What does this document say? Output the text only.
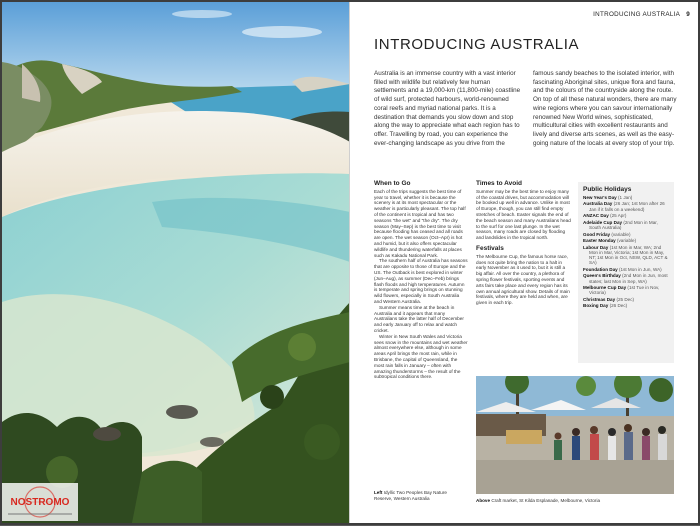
INTRODUCING AUSTRALIA 9
INTRODUCING AUSTRALIA

Australia is an immense country with a vast interior filled with wildlife but relatively few human settlements and a 19,000-km (11,800-mile) coastline of wild surf, protected harbours, world-renowned coral reefs and myriad national parks. It is a destination that demands you slow down and stop along the way to appreciate what each region has to offer. Travelling by road, you can experience the ever-changing landscape as you drive from the famous sandy beaches to the isolated interior, with fascinating Aboriginal sites, unique flora and fauna, and the colours of the countryside along the route. On top of all these natural wonders, there are many wine regions where you can savour internationally renowned New World wines, sophisticated, multicultural cities with excellent restaurants and lively and diverse arts scenes, as well as the easy-going nature of the locals at every stop of your trip.

When to Go

Each of the trips suggests the best time of year to travel, whether it is because the scenery is at its most spectacular or the weather is particularly pleasant. The top half of the continent is tropical and has two seasons "the wet" and "the dry". The dry season (May–Sep) is the best time to visit because flooding has ceased and all roads are open. The wet season (Oct–Apr) is hot and humid, but it also offers spectacular wildlife and thundering waterfalls at places such as Kakadu National Park.

The southern half of Australia has seasons that are opposite to those of Europe and the US. The Outback is best explored in winter (Jun–Aug), as summer (Dec–Feb) brings flash floods and high temperatures. Autumn is temperate and spring brings on stunning wild flowers, especially in South Australia and Western Australia.

Summer means time at the beach in Australia and it appears that many Australians take the latter half of December and early January off to relax and watch cricket.

Winter in New South Wales and Victoria sees snow in the mountains and wet weather almost everywhere else, although in some areas April brings the most rain, while in Brisbane, the capital of Queensland, the most rain falls in January – often with amazing thunderstorms – the result of the subtropical conditions there.

Times to Avoid

Summer may be the best time to enjoy many of the coastal drives, but accommodation will be booked up well in advance. Unlike in most of Europe, though, you can still find empty stretches of beach. Easter signals the end of the beach season and many Australians head to the surf for one last plunge. In the wet season, many roads are closed by flooding and landslides in the tropical north.

Festivals

The Melbourne Cup, the famous horse race, does not quite bring the nation to a halt in early November as it used to, but it is still a big affair. All over the country, a plethora of spring flower festivals, sporting events and arts fairs take place and every region has its own annual agricultural show. Details of main festivals, where they are held and when, are given in each trip.

Public Holidays

New Year's Day (1 Jan)

Australia Day (26 Jan; 1st Mon after 26 Jan if it falls on a weekend)

ANZAC Day (25 Apr)

Adelaide Cup Day (2nd Mon in Mar, South Australia)

Good Friday (variable)

Easter Monday (variable)

Labour Day (1st Mon in Mar, WA; 2nd Mon in Mar, Victoria; 1st Mon in May, NT; 1st Mon in Oct, NSW, QLD, ACT & SA)

Foundation Day (1st Mon in Jun, WA)

Queen's Birthday (2nd Mon in Jun, most states; last Mon in Sep, WA)

Melbourne Cup Day (1st Tue in Nov, Victoria)

Christmas Day (25 Dec)

Boxing Day (26 Dec)

Above Craft market, St Kilda Esplanade, Melbourne, Victoria
Left Idyllic Two Peoples Bay Nature Reserve, Western Australia
NOSTROMO
